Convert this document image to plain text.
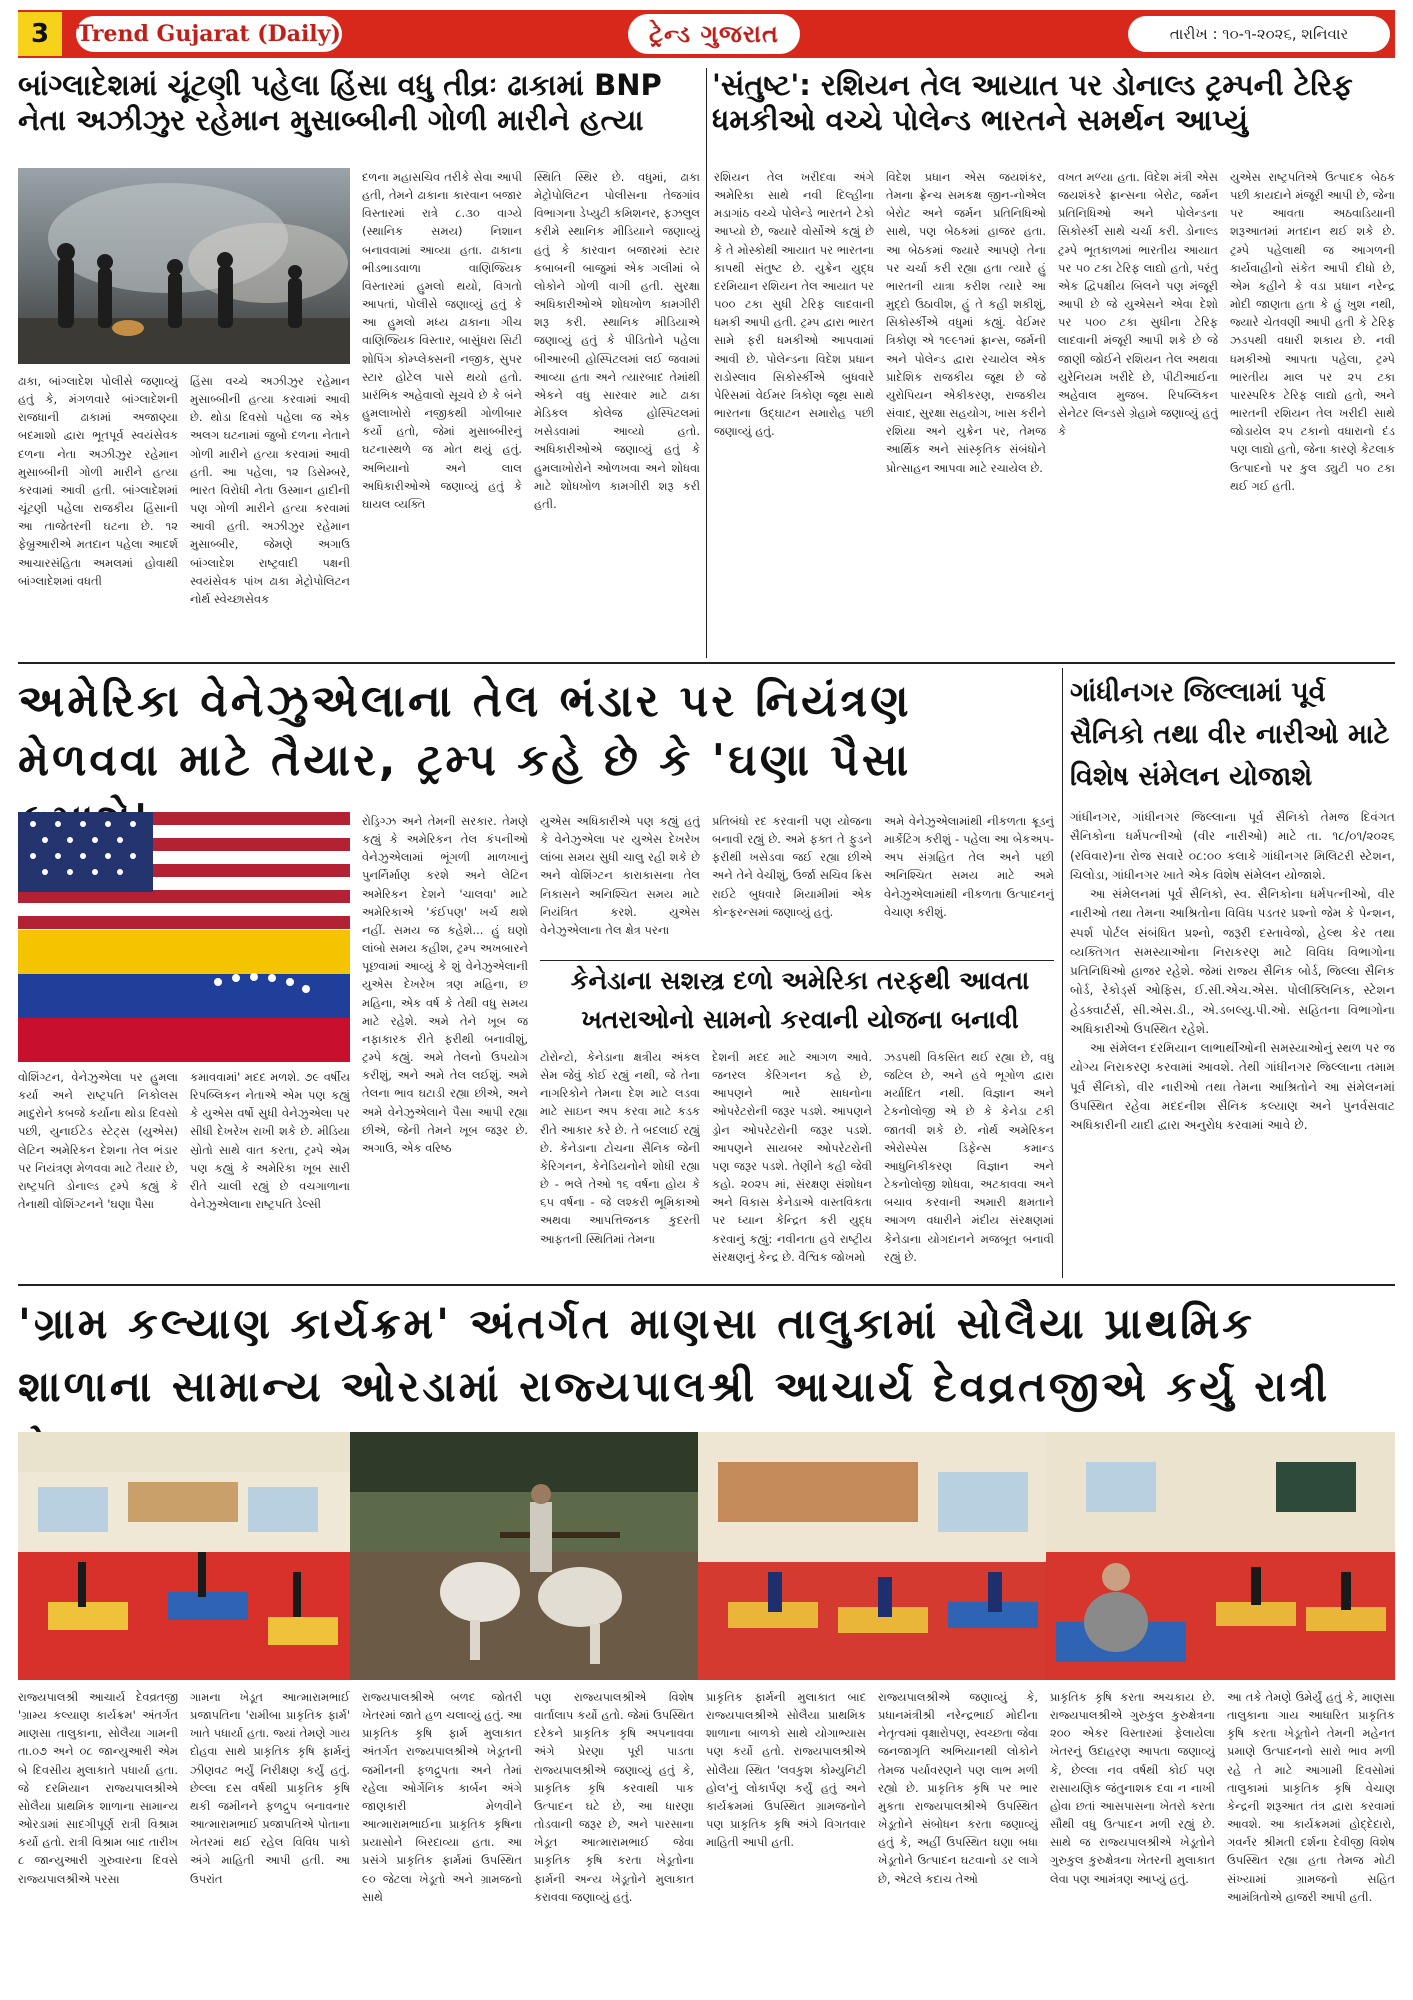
3	Trend Gujarat (Daily)	ટ્રેન્ડ ગુજરાત	તારીખ : ૧૦-૧-૨૦૨૬, શનિવાર
બાંગ્લાદેશમાં ચૂંટણી પહેલા હિંસા વધુ તીવ્રઃ ઢાકામાં BNP નેતા અઝીઝુર રહેમાન મુસાબ્બીની ગોળી મારીને હત્યા
'સંતુષ્ટ': રશિયન તેલ આયાત પર ડોનાલ્ડ ટ્રમ્પની ટેરિફ ધમકીઓ વચ્ચે પોલેન્ડ ભારતને સમર્થન આપ્યું

ઢાકા, બાંગ્લાદેશ પોલીસે જણાવ્યું હતું કે, મંગળવારે બાંગ્લાદેશની રાજધાની ઢાકામાં અજાણ્યા બદમાશો દ્વારા ભૂતપૂર્વ સ્વયંસેવક દળના નેતા અઝીઝુર રહેમાન મુસાબ્બીની ગોળી મારીને હત્યા કરવામાં આવી હતી. બાંગ્લાદેશમાં ચૂંટણી પહેલા રાજકીય હિંસાની આ તાજેતરની ઘટના છે. ૧૨ ફેબ્રુઆરીએ મતદાન પહેલા આદર્શ આચારસંહિતા અમલમાં હોવાથી બાંગ્લાદેશમાં વધતી

હિંસા વચ્ચે અઝીઝુર રહેમાન મુસાબ્બીની હત્યા કરવામાં આવી છે. થોડા દિવસો પહેલા જ એક અલગ ઘટનામાં જુબો દળના નેતાને ગોળી મારીને હત્યા કરવામાં આવી હતી. આ પહેલા, ૧૨ ડિસેમ્બરે, ભારત વિરોધી નેતા ઉસ્માન હાદીની પણ ગોળી મારીને હત્યા કરવામાં આવી હતી. અઝીઝુર રહેમાન મુસાબ્બીર, જેમણે અગાઉ બાંગ્લાદેશ રાષ્ટ્રવાદી પક્ષની સ્વયંસેવક પાંખ ઢાકા મેટ્રોપોલિટન નોર્થ સ્વેચ્છાસેવક

દળના મહાસચિવ તરીકે સેવા આપી હતી, તેમને ઢાકાના કારવાન બજાર વિસ્તારમાં રાત્રે ૮.૩૦ વાગ્યે (સ્થાનિક સમય) નિશાન બનાવવામાં આવ્યા હતા. ઢાકાના ભીડભાડવાળા વાણિજ્યિક વિસ્તારમાં હુમલો થયો, વિગતો આપતાં, પોલીસે જણાવ્યું હતું કે આ હુમલો મધ્ય ઢાકાના ગીચ વાણિજ્યિક વિસ્તાર, બાસુંધરા સિટી શોપિંગ કોમ્પ્લેક્સની નજીક, સુપર સ્ટાર હોટેલ પાસે થયો હતો. પ્રારંભિક અહેવાલો સૂચવે છે કે બંને હુમલાખોરો નજીકથી ગોળીબાર કર્યો હતો, જેમાં મુસાબ્બીરનું ઘટનાસ્થળે જ મોત થયું હતું. અભિયાનો અને લાલ અધિકારીઓએ જણાવ્યું હતું કે ઘાયલ વ્યક્તિ

સ્થિતિ સ્થિર છે. વધુમાં, ઢાકા મેટ્રોપોલિટન પોલીસના તેજગાંવ વિભાગના ડેપ્યુટી કમિશનર, ફઝલુલ કરીમે સ્થાનિક મીડિયાને જણાવ્યું હતું કે કારવાન બજારમાં સ્ટાર કબાબની બાજુમાં એક ગલીમાં બે લોકોને ગોળી વાગી હતી. સુરક્ષા અધિકારીઓએ શોધખોળ કામગીરી શરૂ કરી. સ્થાનિક મીડિયાએ જણાવ્યું હતું કે પીડિતોને પહેલા બીઆરબી હોસ્પિટલમાં લઈ જવામાં આવ્યા હતા અને ત્યારબાદ તેમાંથી એકને વધુ સારવાર માટે ઢાકા મેડિકલ કોલેજ હોસ્પિટલમાં ખસેડવામાં આવ્યો હતો. અધિકારીઓએ જણાવ્યું હતું કે હુમલાખોરોને ઓળખવા અને શોધવા માટે શોધખોળ કામગીરી શરૂ કરી હતી.

રશિયન તેલ ખરીદવા અંગે અમેરિકા સાથે નવી દિલ્હીના મડાગાંઠ વચ્ચે પોલેન્ડે ભારતને ટેકો આપ્યો છે, જ્યારે વોર્સોએ કહ્યું છે કે તે મોસ્કોથી આયાત પર ભારતના કાપથી સંતુષ્ટ છે. યુક્રેન યુદ્ધ દરમિયાન રશિયન તેલ આયાત પર ૫૦૦ ટકા સુધી ટેરિફ લાદવાની ધમકી આપી હતી. ટ્રમ્પ દ્વારા ભારત સામે ફરી ધમકીઓ આપવામાં આવી છે. પોલેન્ડના વિદેશ પ્રધાન રાડોસ્લાવ સિકોર્સ્કીએ બુધવારે પેરિસમાં વેઈમર ત્રિકોણ જૂથ સાથે ભારતના ઉદ્ઘાટન સમારોહ પછી જણાવ્યું હતું.

વિદેશ પ્રધાન એસ જયશંકર, તેમના ફ્રેન્ચ સમકક્ષ જીન-નોએલ બેરોટ અને જર્મન પ્રતિનિધિઓ સાથે, પણ બેઠકમાં હાજર હતા. આ બેઠકમાં જ્યારે આપણે તેના પર ચર્ચા કરી રહ્યા હતા ત્યારે હું ભારતની યાત્રા કરીશ ત્યારે આ મુદ્દો ઉઠાવીશ, હું તે કહી શકીશું, સિકોર્સ્કીએ વધુમાં કહ્યું. વેઈમર ત્રિકોણ એ ૧૯૯૧માં ફ્રાન્સ, જર્મની અને પોલેન્ડ દ્વારા રચાયેલ એક પ્રાદેશિક રાજકીય જૂથ છે જે યુરોપિયન એકીકરણ, રાજકીય સંવાદ, સુરક્ષા સહયોગ, ખાસ કરીને રશિયા અને યુક્રેન પર, તેમજ આર્થિક અને સાંસ્કૃતિક સંબંધોને પ્રોત્સાહન આપવા માટે રચાયેલ છે.

વખત મળ્યા હતા. વિદેશ મંત્રી એસ જયશંકરે ફ્રાન્સના બેરોટ, જર્મન પ્રતિનિધિઓ અને પોલેન્ડના સિકોર્સ્કી સાથે ચર્ચા કરી. ડોનાલ્ડ ટ્રમ્પે ભૂતકાળમાં ભારતીય આયાત પર ૫૦ ટકા ટેરિફ લાદ્યો હતો, પરંતુ એક દ્વિપક્ષીય બિલને પણ મંજૂરી આપી છે જે યુએસને એવા દેશો પર ૫૦૦ ટકા સુધીના ટેરિફ લાદવાની મંજૂરી આપી શકે છે જે જાણી જોઈને રશિયન તેલ અથવા યુરેનિયમ ખરીદે છે, પીટીઆઈના અહેવાલ મુજબ. રિપબ્લિકન સેનેટર લિન્ડસે ગ્રેહામે જણાવ્યું હતું કે

યુએસ રાષ્ટ્રપતિએ ઉત્પાદક બેઠક પછી કાયદાને મંજૂરી આપી છે, જેના પર આવતા અઠવાડિયાની શરૂઆતમાં મતદાન થઈ શકે છે. ટ્રમ્પે પહેલાથી જ આગળની કાર્યવાહીનો સંકેત આપી દીધો છે, એમ કહીને કે વડા પ્રધાન નરેન્દ્ર મોદી જાણતા હતા કે હું ખુશ નથી, જ્યારે ચેતવણી આપી હતી કે ટેરિફ ઝડપથી વધારી શકાય છે. નવી ધમકીઓ આપતા પહેલા, ટ્રમ્પે ભારતીય માલ પર ૨૫ ટકા પારસ્પરિક ટેરિફ લાદ્યો હતો, અને ભારતની રશિયન તેલ ખરીદી સાથે જોડાયેલ ૨૫ ટકાનો વધારાનો દંડ પણ લાદ્યો હતો, જેના કારણે કેટલાક ઉત્પાદનો પર કુલ ડ્યુટી ૫૦ ટકા થઈ ગઈ હતી.

અમેરિકા વેનેઝુએલાના તેલ ભંડાર પર નિયંત્રણ મેળવવા માટે તૈયાર, ટ્રમ્પ કહે છે કે 'ઘણા પૈસા
ગાંધીનગર જિલ્લામાં પૂર્વ સૈનિકો તથા વીર નારીઓ માટે વિશેષ સંમેલન યોજાશે

વોશિંગ્ટન, વેનેઝુએલા પર હુમલા કર્યા અને રાષ્ટ્રપતિ નિકોલસ માદુરોને કબજે કર્યાના થોડા દિવસો પછી, યુનાઈટેડ સ્ટેટ્સ (યુએસ) લેટિન અમેરિકન દેશના તેલ ભંડાર પર નિયંત્રણ મેળવવા માટે તૈયાર છે, રાષ્ટ્રપતિ ડોનાલ્ડ ટ્રમ્પે કહ્યું કે તેનાથી વોશિંગ્ટનને 'ઘણા પૈસા

કમાવવામાં' મદદ મળશે. ૭૯ વર્ષીય રિપબ્લિકન નેતાએ એમ પણ કહ્યું કે યુએસ વર્ષો સુધી વેનેઝુએલા પર સીધી દેખરેખ રાખી શકે છે. મીડિયા સ્રોતો સાથે વાત કરતા, ટ્રમ્પે એમ પણ કહ્યું કે અમેરિકા ખૂબ સારી રીતે ચાલી રહ્યું છે વચગાળાના વેનેઝુએલાના રાષ્ટ્રપતિ ડેલ્સી

રોડ્રિગ્ઝ અને તેમની સરકાર. તેમણે કહ્યું કે અમેરિકન તેલ કંપનીઓ વેનેઝુએલામાં ભૂંગળી માળખાનું પુનર્નિર્માણ કરશે અને લેટિન અમેરિકન દેશને 'ચાલવા' માટે અમેરિકાએ 'કંઈપણ' ખર્ચ થશે નહીં. સમય જ કહેશે... હું ઘણો લાંબો સમય કહીશ, ટ્રમ્પ અખબારને પૂછવામાં આવ્યું કે શું વેનેઝુએલાની યુએસ દેખરેખ ત્રણ મહિના, છ મહિના, એક વર્ષ કે તેથી વધુ સમય માટે રહેશે. અમે તેને ખૂબ જ નફાકારક રીતે ફરીથી બનાવીશું, ટ્રમ્પે કહ્યું. અમે તેલનો ઉપયોગ કરીશું, અને અમે તેલ લઈશું. અમે તેલના ભાવ ઘટાડી રહ્યા છીએ, અને અમે વેનેઝુએલાને પૈસા આપી રહ્યા છીએ, જેની તેમને ખૂબ જરૂર છે. અગાઉ, એક વરિષ્ઠ

યુએસ અધિકારીએ પણ કહ્યું હતું કે વેનેઝુએલા પર યુએસ દેખરેખ લાંબા સમય સુધી ચાલુ રહી શકે છે અને વોશિંગ્ટન કારાકાસના તેલ નિકાસને અનિશ્ચિત સમય માટે નિયંત્રિત કરશે. યુએસ વેનેઝુએલાના તેલ ક્ષેત્ર પરના

પ્રતિબંધો રદ કરવાની પણ યોજના બનાવી રહ્યું છે. અમે ફક્ત તે ફુડને ફરીથી ખસેડવા જઈ રહ્યા છીએ અને તેને વેચીશું, ઉર્જા સચિવ ક્રિસ રાઈટે બુધવારે મિયામીમાં એક કોન્ફરન્સમાં જણાવ્યું હતું.

અમે વેનેઝુએલામાંથી નીકળતા ક્રૂડનું માર્કેટિંગ કરીશું - પહેલા આ બેકઅપ-અપ સંગ્રહિત તેલ અને પછી અનિશ્ચિત સમય માટે અમે વેનેઝુએલામાંથી નીકળતા ઉત્પાદનનું વેચાણ કરીશું.

કેનેડાના સશસ્ત્ર દળો અમેરિકા તરફથી આવતા ખતરાઓનો સામનો કરવાની યોજના બનાવી

ટોરોન્ટો, કેનેડાના ક્ષત્રીય અંકલ સેમ જેવું કોઈ રહ્યું નથી, જે તેના નાગરિકોને તેમના દેશ માટે લડવા માટે સાઇન અપ કરવા માટે કડક રીતે આકાર કરે છે. તે બદલાઈ રહ્યું છે. કેનેડાના ટોચના સૈનિક જેની કેરિગનન, કેનેડિયનોને શોધી રહ્યા છે - ભલે તેઓ ૧૬ વર્ષના હોય કે ૬૫ વર્ષના - જે લશ્કરી ભૂમિકાઓ અથવા આપત્તિજનક કુદરતી આફતની સ્થિતિમાં તેમના

દેશની મદદ માટે આગળ આવે. જનરલ કેરિગનન કહે છે, આપણને ભારે સાધનોના ઓપરેટરોની જરૂર પડશે. આપણને ડ્રોન ઓપરેટરોની જરૂર પડશે. આપણને સાયબર ઓપરેટરોની પણ જરૂર પડશે. તેણીને કહી જેવી કહો. ૨૦૨૫ માં, સંરક્ષણ સંશોધન અને વિકાસ કેનેડાએ વાસ્તવિકતા પર ધ્યાન કેન્દ્રિત કરી યુદ્ધ કરવાનું કહ્યું: નવીનતા હવે રાષ્ટ્રીય સંરક્ષણનું કેન્દ્ર છે. વૈશ્વિક જોખમો

ઝડપથી વિકસિત થઈ રહ્યા છે, વધુ જટિલ છે, અને હવે ભૂગોળ દ્વારા મર્યાદિત નથી. વિજ્ઞાન અને ટેકનોલોજી એ છે કે કેનેડા ટકી જાતવી શકે છે. નોર્થ અમેરિકન એરોસ્પેસ ડિફેન્સ કમાન્ડ આધુનિકીકરણ વિજ્ઞાન અને ટેકનોલોજી શોધવા, અટકાવવા અને બચાવ કરવાની અમારી ક્ષમતાને આગળ વધારીને મંદીય સંરક્ષણમાં કેનેડાના યોગદાનને મજબૂત બનાવી રહ્યું છે.

ગાંધીનગર, ગાંધીનગર જિલ્લાના પૂર્વ સૈનિકો તેમજ દિવંગત સૈનિકોના ધર્મપત્નીઓ (વીર નારીઓ) માટે તા. ૧૮/૦૧/૨૦૨૬ (રવિવાર)ના રોજ સવારે ૦૮:૦૦ કલાકે ગાંધીનગર મિલિટરી સ્ટેશન, ચિલોડા, ગાંધીનગર ખાતે એક વિશેષ સંમેલન યોજાશે.

આ સંમેલનમાં પૂર્વ સૈનિકો, સ્વ. સૈનિકોના ધર્મપત્નીઓ, વીર નારીઓ તથા તેમના આશ્રિતોના વિવિધ પડતર પ્રશ્નો જેમ કે પેન્શન, સ્પર્શ પોર્ટલ સંબંધિત પ્રશ્નો, જરૂરી દસ્તાવેજો, હેલ્થ કેર તથા વ્યક્તિગત સમસ્યાઓના નિરાકરણ માટે વિવિધ વિભાગોના પ્રતિનિધિઓ હાજર રહેશે. જેમાં રાજ્ય સૈનિક બોર્ડ, જિલ્લા સૈનિક બોર્ડ, રેકોર્ડ્સ ઓફિસ, ઈ.સી.એચ.એસ. પોલીક્લિનિક, સ્ટેશન હેડક્વાર્ટર્સ, સી.એસ.ડી., એ.ડબલ્યુ.પી.ઓ. સહિતના વિભાગોના અધિકારીઓ ઉપસ્થિત રહેશે.

આ સંમેલન દરમિયાન લાભાર્થીઓની સમસ્યાઓનું સ્થળ પર જ યોગ્ય નિરાકરણ કરવામાં આવશે. તેથી ગાંધીનગર જિલ્લાના તમામ પૂર્વ સૈનિકો, વીર નારીઓ તથા તેમના આશ્રિતોને આ સંમેલનમાં ઉપસ્થિત રહેવા મદદનીશ સૈનિક કલ્યાણ અને પુનર્વસવાટ અધિકારીની યાદી દ્વારા અનુરોધ કરવામાં આવે છે.

'ગ્રામ કલ્યાણ કાર્યક્રમ' અંતર્ગત માણસા તાલુકામાં સોલૈયા પ્રાથમિક શાળાના સામાન્ય ઓરડામાં રાજ્યપાલશ્રી આચાર્ય દેવવ્રતજીએ કર્યુ રાત્રી

રાજ્યપાલશ્રી આચાર્ય દેવવ્રતજી 'ગ્રામ્ય કલ્યાણ કાર્યક્રમ' અંતર્ગત માણસા તાલુકાના, સોલૈયા ગામની તા.૦૭ અને ૦૮ જાન્યુઆરી એમ બે દિવસીય મુલાકાતે પધાર્યા હતા. જે દરમિયાન રાજ્યપાલશ્રીએ સોલૈયા પ્રાથમિક શાળાના સામાન્ય ઓરડામાં સાદગીપૂર્ણ રાત્રી વિશ્રામ કર્યો હતો. રાત્રી વિશ્રામ બાદ તારીખ ૮ જાન્યુઆરી ગુરુવારના દિવસે રાજ્યપાલશ્રીએ પરસા

ગામના ખેડૂત આત્મારામભાઈ પ્રજાપતિના 'રામીબા પ્રાકૃતિક ફાર્મ' ખાતે પધાર્યા હતા. જ્યાં તેમણે ગાય દોહવા સાથે પ્રાકૃતિક કૃષિ ફાર્મનું ઝીણવટ ભર્યું નિરીક્ષણ કર્યું હતું. છેલ્લા દસ વર્ષથી પ્રાકૃતિક કૃષિ થકી જમીનને ફળદ્રુપ બનાવનાર આત્મારામભાઈ પ્રજાપતિએ પોતાના ખેતરમાં થઈ રહેલ વિવિધ પાકો અંગે માહિતી આપી હતી. આ ઉપરાંત

રાજ્યપાલશ્રીએ બળદ જોતરી ખેતરમાં જાતે હળ ચલાવ્યું હતું. આ પ્રાકૃતિક કૃષિ ફાર્મ મુલાકાત અંતર્ગત રાજ્યપાલશ્રીએ ખેડૂતની જમીનની ફળદ્રુપતા અને તેમાં રહેલા ઓર્ગેનિક કાર્બન અંગે જાણકારી મેળવીને આત્મારામભાઈના પ્રાકૃતિક કૃષિના પ્રયાસોને બિરદાવ્યા હતા. આ પ્રસંગે પ્રાકૃતિક ફાર્મમાં ઉપસ્થિત ૯૦ જેટલા ખેડૂતો અને ગ્રામજનો સાથે

પણ રાજ્યપાલશ્રીએ વિશેષ વાર્તાલાપ કર્યો હતો. જેમાં ઉપસ્થિત દરેકને પ્રાકૃતિક કૃષિ અપનાવવા અંગે પ્રેરણા પૂરી પાડતા રાજ્યપાલશ્રીએ જણાવ્યું હતું કે, પ્રાકૃતિક કૃષિ કરવાથી પાક ઉત્પાદન ઘટે છે, આ ધારણા તોડવાની જરૂર છે, અને પારસાના ખેડૂત આત્મારામભાઈ જેવા પ્રાકૃતિક કૃષિ કરતા ખેડૂતોના ફાર્મની અન્ય ખેડૂતોને મુલાકાત કરાવવા જણાવ્યું હતું.

પ્રાકૃતિક ફાર્મની મુલાકાત બાદ રાજ્યપાલશ્રીએ સોલૈયા પ્રાથમિક શાળાના બાળકો સાથે યોગાભ્યાસ પણ કર્યો હતો. રાજ્યપાલશ્રીએ સોલૈયા સ્થિત 'લવકુશ કોમ્યુનિટી હોલ'નું લોકાર્પણ કર્યું હતું અને કાર્યક્રમમાં ઉપસ્થિત ગ્રામજનોને પણ પ્રાકૃતિક કૃષિ અંગે વિગતવાર માહિતી આપી હતી.

રાજ્યપાલશ્રીએ જણાવ્યું કે, પ્રધાનમંત્રીશ્રી નરેન્દ્રભાઈ મોદીના નેતૃત્વમાં વૃક્ષારોપણ, સ્વચ્છતા જેવા જનજાગૃતિ અભિયાનથી લોકોને તેમજ પર્યાવરણને પણ લાભ મળી રહ્યો છે. પ્રાકૃતિક કૃષિ પર ભાર મુકતા રાજ્યપાલશ્રીએ ઉપસ્થિત ખેડૂતોને સંબોધન કરતા જણાવ્યું હતું કે, અહીં ઉપસ્થિત ઘણા બધા ખેડૂતોને ઉત્પાદન ઘટવાનો ડર લાગે છે, એટલે કદાચ તેઓ

પ્રાકૃતિક કૃષિ કરતા અચકાય છે. રાજ્યપાલશ્રીએ ગુરુકુલ કુરુક્ષેત્રના ૨૦૦ એકર વિસ્તારમાં ફેલાયેલા ખેતરનું ઉદાહરણ આપતા જણાવ્યું કે, છેલ્લા નવ વર્ષથી કોઈ પણ રાસાયણિક જંતુનાશક દવા ન નાખી હોવા છતાં આસપાસના ખેતરો કરતા સૌથી વધુ ઉત્પાદન મળી રહ્યું છે. સાથે જ રાજ્યપાલશ્રીએ ખેડૂતોને ગુરુકુલ કુરુક્ષેત્રના ખેતરની મુલાકાત લેવા પણ આમંત્રણ આપ્યું હતું.

આ તકે તેમણે ઉમેર્યું હતું કે, માણસા તાલુકાના ગાય આધારિત પ્રાકૃતિક કૃષિ કરતા ખેડૂતોને તેમની મહેનત પ્રમાણે ઉત્પાદનનો સારો ભાવ મળી રહે તે માટે આગામી દિવસોમાં તાલુકામાં પ્રાકૃતિક કૃષિ વેચાણ કેન્દ્રની શરૂઆત તંત્ર દ્વારા કરવામાં આવશે. આ કાર્યક્રમમાં હોદ્દેદારો, ગવર્નર શ્રીમતી દર્શના દેવીજી વિશેષ ઉપસ્થિત રહ્યા હતા તેમજ મોટી સંખ્યામાં ગ્રામજનો સહિત આમંત્રિતોએ હાજરી આપી હતી.
